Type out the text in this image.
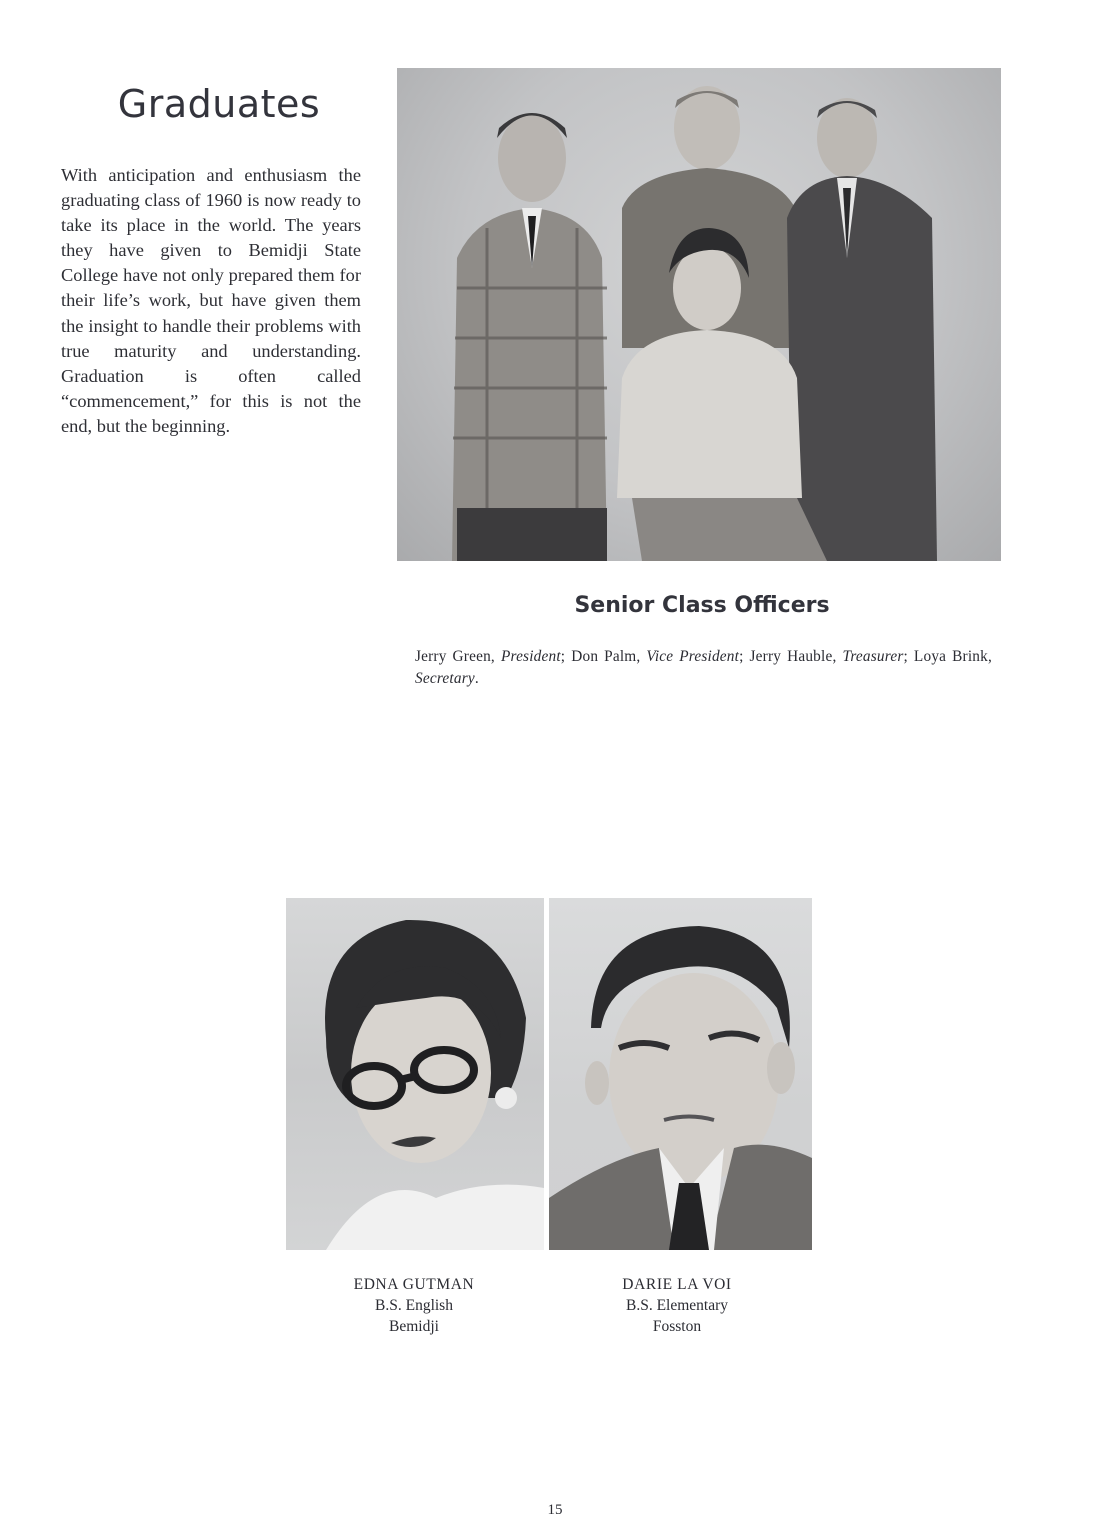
Graduates

With anticipation and enthusiasm the graduating class of 1960 is now ready to take its place in the world. The years they have given to Bemidji State College have not only prepared them for their life’s work, but have given them the insight to handle their problems with true maturity and understanding. Graduation is often called “commencement,” for this is not the end, but the beginning.

Senior Class Officers

Jerry Green, President; Don Palm, Vice President; Jerry Hauble, Treasurer; Loya Brink, Secretary.

EDNA GUTMAN
B.S. English
Bemidji
DARIE LA VOI
B.S. Elementary
Fosston
15
